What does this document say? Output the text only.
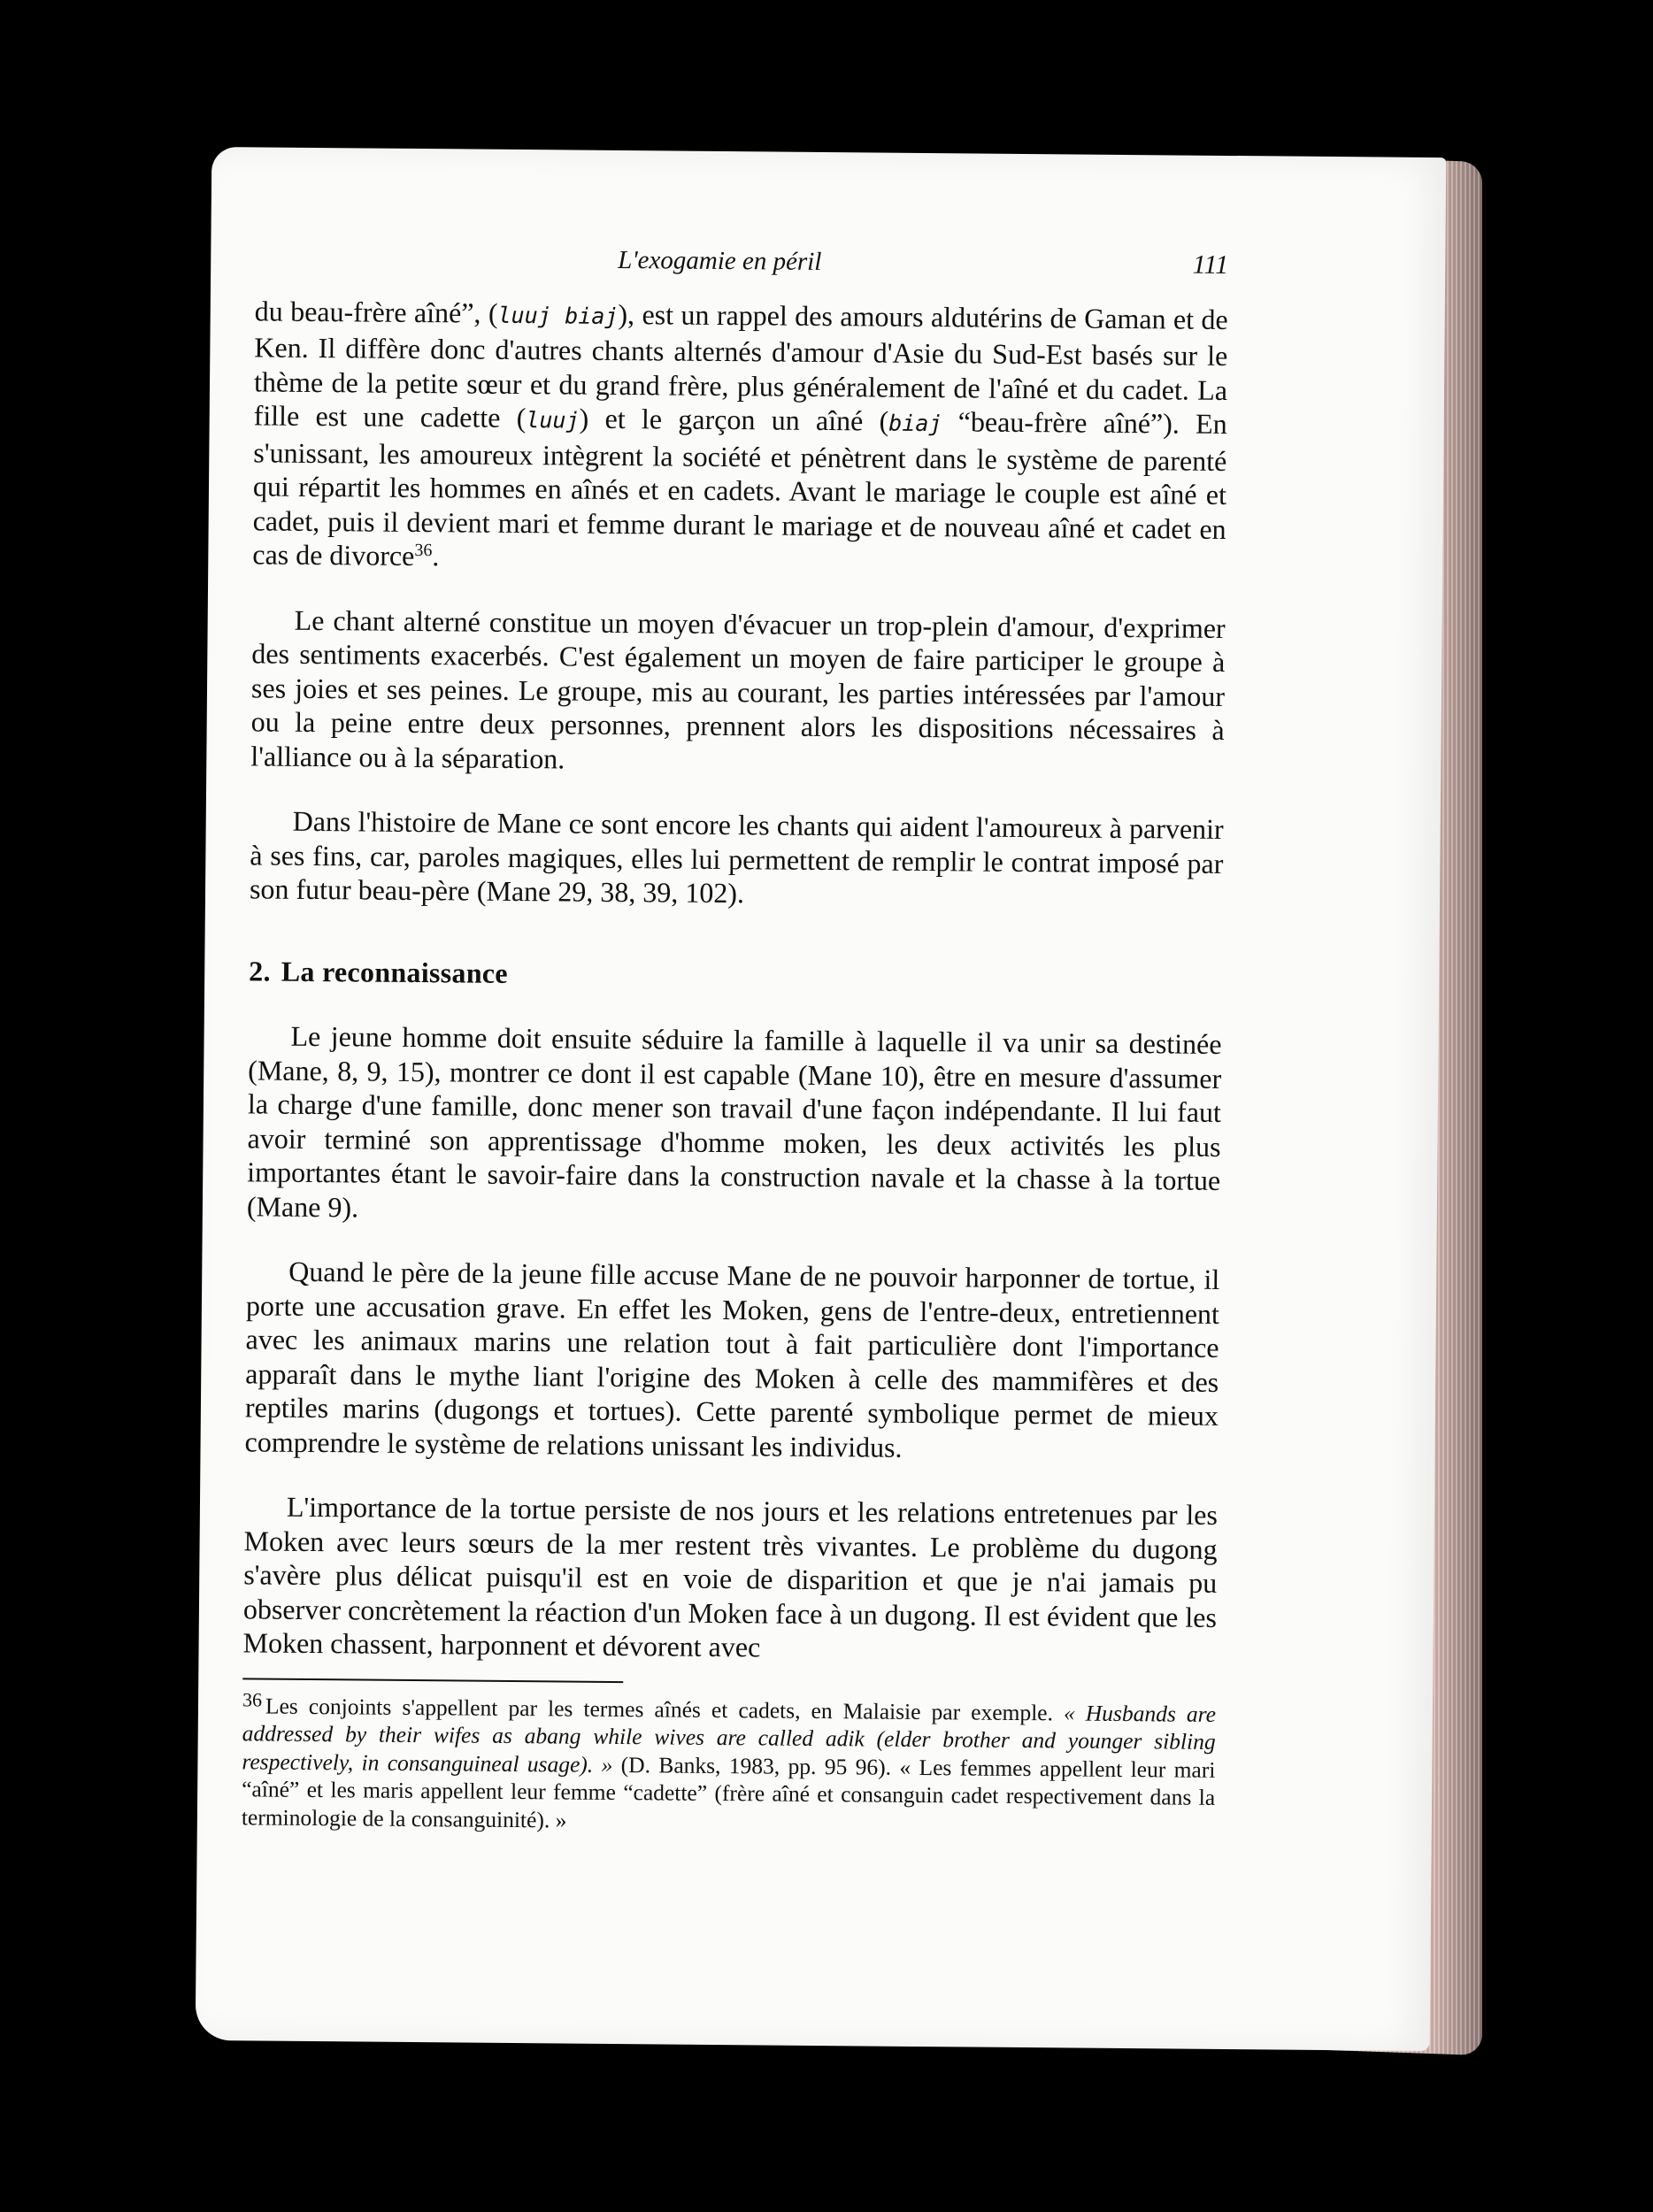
L'exogamie en péril	111

du beau-frère aîné”, (luuj biaj), est un rappel des amours aldutérins de Gaman et de Ken. Il diffère donc d'autres chants alternés d'amour d'Asie du Sud-Est basés sur le thème de la petite sœur et du grand frère, plus généralement de l'aîné et du cadet. La fille est une cadette (luuj) et le garçon un aîné (biaj “beau-frère aîné”). En s'unissant, les amoureux intègrent la société et pénètrent dans le système de parenté qui répartit les hommes en aînés et en cadets. Avant le mariage le couple est aîné et cadet, puis il devient mari et femme durant le mariage et de nouveau aîné et cadet en cas de divorce$^{36}$.

Le chant alterné constitue un moyen d'évacuer un trop-plein d'amour, d'exprimer des sentiments exacerbés. C'est également un moyen de faire participer le groupe à ses joies et ses peines. Le groupe, mis au courant, les parties intéressées par l'amour ou la peine entre deux personnes, prennent alors les dispositions nécessaires à l'alliance ou à la séparation.

Dans l'histoire de Mane ce sont encore les chants qui aident l'amoureux à parvenir à ses fins, car, paroles magiques, elles lui permettent de remplir le contrat imposé par son futur beau-père (Mane 29, 38, 39, 102).

2. La reconnaissance

Le jeune homme doit ensuite séduire la famille à laquelle il va unir sa destinée (Mane, 8, 9, 15), montrer ce dont il est capable (Mane 10), être en mesure d'assumer la charge d'une famille, donc mener son travail d'une façon indépendante. Il lui faut avoir terminé son apprentissage d'homme moken, les deux activités les plus importantes étant le savoir-faire dans la construction navale et la chasse à la tortue (Mane 9).

Quand le père de la jeune fille accuse Mane de ne pouvoir harponner de tortue, il porte une accusation grave. En effet les Moken, gens de l'entre-deux, entretiennent avec les animaux marins une relation tout à fait particulière dont l'importance apparaît dans le mythe liant l'origine des Moken à celle des mammifères et des reptiles marins (dugongs et tortues). Cette parenté symbolique permet de mieux comprendre le système de relations unissant les individus.

L'importance de la tortue persiste de nos jours et les relations entretenues par les Moken avec leurs sœurs de la mer restent très vivantes. Le problème du dugong s'avère plus délicat puisqu'il est en voie de disparition et que je n'ai jamais pu observer concrètement la réaction d'un Moken face à un dugong. Il est évident que les Moken chassent, harponnent et dévorent avec

36 Les conjoints s'appellent par les termes aînés et cadets, en Malaisie par exemple. « Husbands are addressed by their wifes as abang while wives are called adik (elder brother and younger sibling respectively, in consanguineal usage). » (D. Banks, 1983, pp. 95 96). « Les femmes appellent leur mari “aîné” et les maris appellent leur femme “cadette” (frère aîné et consanguin cadet respectivement dans la terminologie de la consanguinité). »
